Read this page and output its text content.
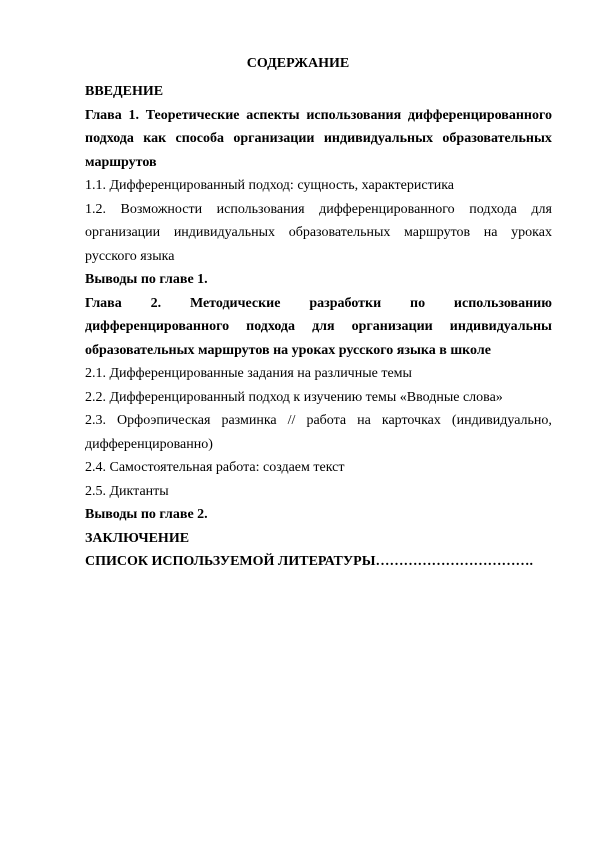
СОДЕРЖАНИЕ
ВВЕДЕНИЕ
Глава 1. Теоретические аспекты использования дифференцированного
подхода как способа организации индивидуальных образовательных
маршрутов
1.1. Дифференцированный подход: сущность, характеристика
1.2. Возможности использования дифференцированного подхода для
организации индивидуальных образовательных маршрутов на уроках
русского языка
Выводы по главе 1.
Глава 2. Методические разработки по использованию
дифференцированного подхода для организации индивидуальны
образовательных маршрутов на уроках русского языка в школе
2.1. Дифференцированные задания на различные темы
2.2. Дифференцированный подход к изучению темы «Вводные слова»
2.3. Орфоэпическая разминка // работа на карточках (индивидуально,
дифференцированно)
2.4. Самостоятельная работа: создаем текст
2.5. Диктанты
Выводы по главе 2.
ЗАКЛЮЧЕНИЕ
СПИСОК ИСПОЛЬЗУЕМОЙ ЛИТЕРАТУРЫ…………………………….
